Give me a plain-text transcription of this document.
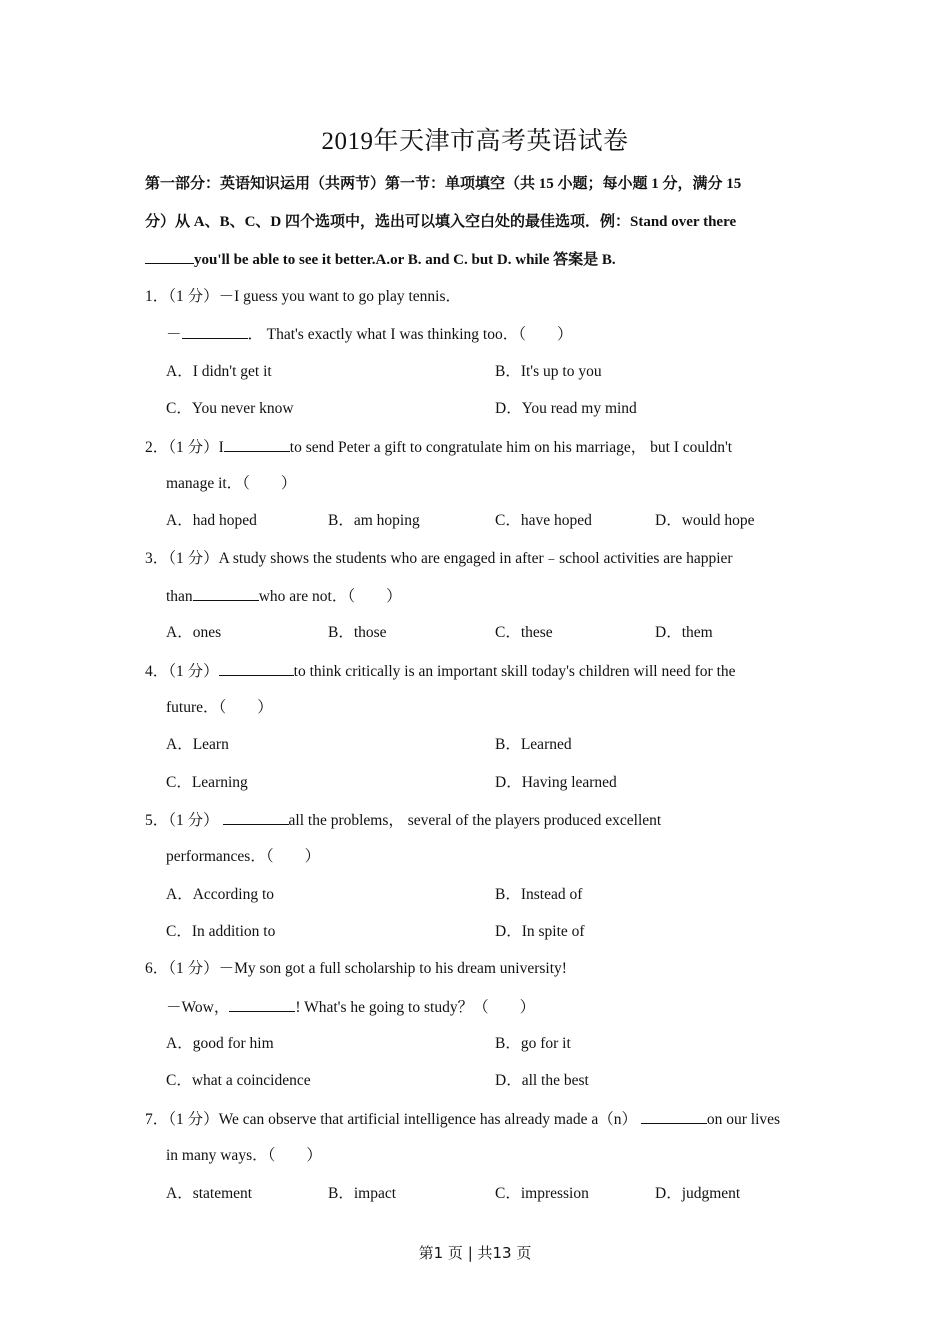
2019年天津市高考英语试卷
第一部分：英语知识运用（共两节）第一节：单项填空（共 15 小题；每小题 1 分，满分 15
分）从 A、B、C、D 四个选项中，选出可以填入空白处的最佳选项．例：Stand over there
you'll be able to see it better.A.or B. and C. but D. while 答案是 B.
1．（1 分）－I guess you want to go play tennis．
－	． That's exactly what I was thinking too．（　　）
A．I didn't get it	B．It's up to you
C．You never know	D．You read my mind
2．（1 分）I	to send Peter a gift to congratulate him on his marriage， but I couldn't
manage it．（　　）
A．had hoped	B．am hoping	C．have hoped	D．would hope
3．（1 分）A study shows the students who are engaged in after﹣school activities are happier
than	who are not．（　　）
A．ones	B．those	C．these	D．them
4．（1 分）	to think critically is an important skill today's children will need for the
future．（　　）
A．Learn	B．Learned
C．Learning	D．Having learned
5．（1 分）	all the problems， several of the players produced excellent
performances．（　　）
A．According to	B．Instead of
C．In addition to	D．In spite of
6．（1 分）－My son got a full scholarship to his dream university!
－Wow，	! What's he going to study？（　　）
A．good for him	B．go for it
C．what a coincidence	D．all the best
7．（1 分）We can observe that artificial intelligence has already made a（n）	on our lives
in many ways．（　　）
A．statement	B．impact	C．impression	D．judgment
第1 页 | 共13 页
